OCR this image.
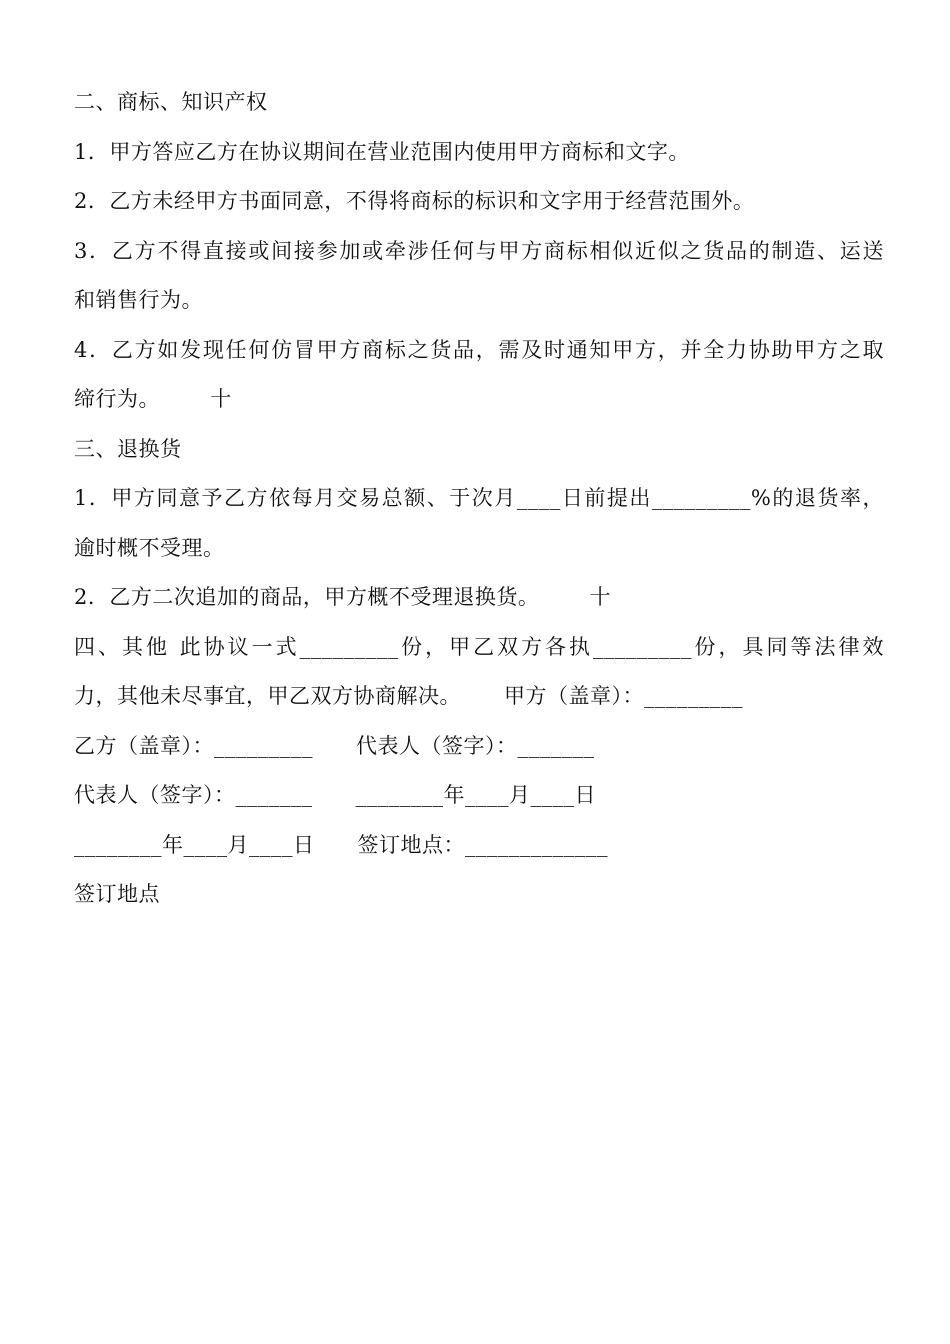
二、商标、知识产权
1．甲方答应乙方在协议期间在营业范围内使用甲方商标和文字。
2．乙方未经甲方书面同意，不得将商标的标识和文字用于经营范围外。
3．乙方不得直接或间接参加或牵涉任何与甲方商标相似近似之货品的制造、运送
和销售行为。
4．乙方如发现任何仿冒甲方商标之货品，需及时通知甲方，并全力协助甲方之取
缔行为。       十
三、退换货
1．甲方同意予乙方依每月交易总额、于次月____日前提出_________%的退货率，
逾时概不受理。
2．乙方二次追加的商品，甲方概不受理退换货。       十
四、其他 此协议一式_________份，甲乙双方各执_________份，具同等法律效
力，其他未尽事宜，甲乙双方协商解决。      甲方（盖章）：_________
乙方（盖章）：_________      代表人（签字）：_______
代表人（签字）：_______      ________年____月____日
________年____月____日      签订地点：_____________
签订地点
